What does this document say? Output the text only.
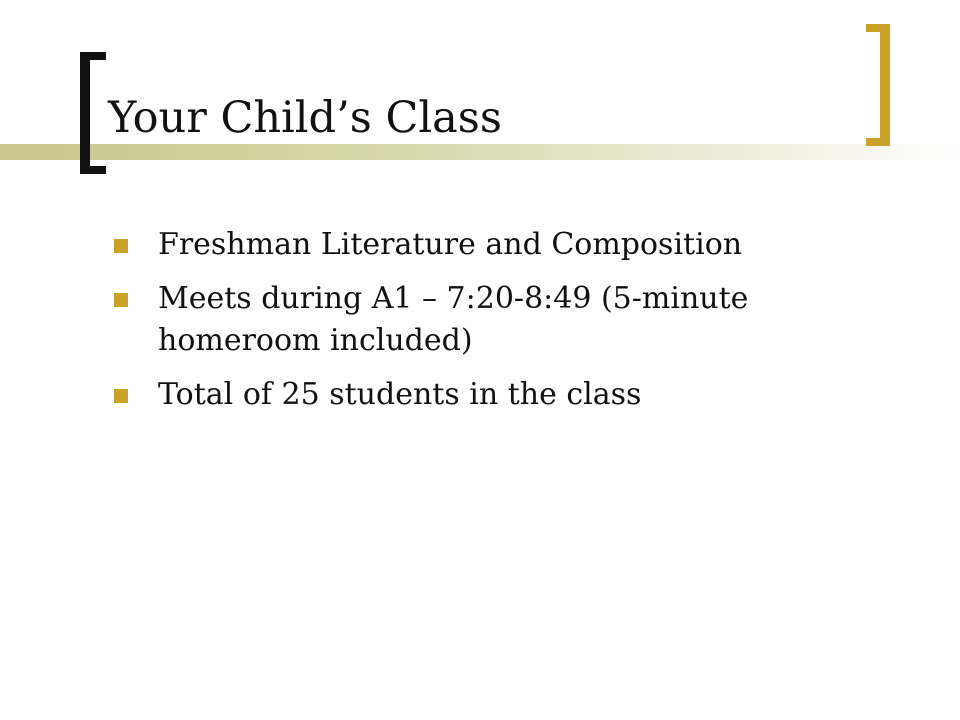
Your Child’s Class
Freshman Literature and Composition
Meets during A1 – 7:20-8:49 (5-minute homeroom included)
Total of 25 students in the class
